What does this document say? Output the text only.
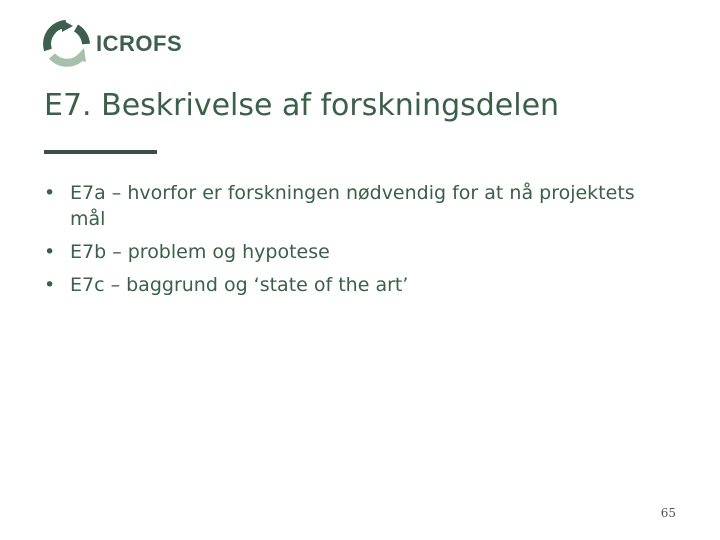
ICROFS
E7. Beskrivelse af forskningsdelen
• E7a – hvorfor er forskningen nødvendig for at nå projektets mål
• E7b – problem og hypotese
• E7c – baggrund og ‘state of the art’
65
